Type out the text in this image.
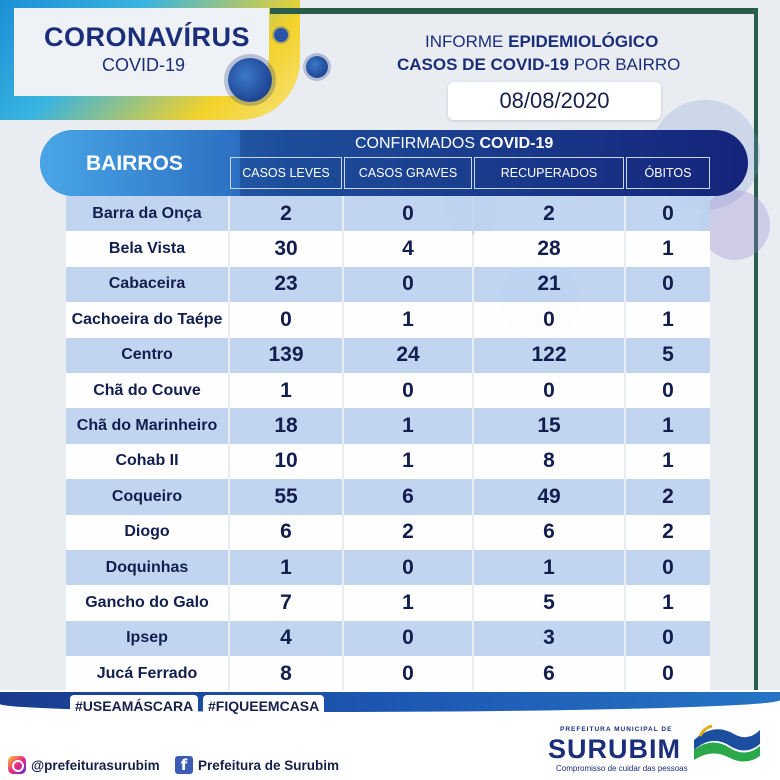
CORONAVÍRUS
COVID-19
INFORME EPIDEMIOLÓGICO
CASOS DE COVID-19 POR BAIRRO
08/08/2020
BAIRROS
CONFIRMADOS COVID-19
CASOS LEVES	CASOS GRAVES	RECUPERADOS	ÓBITOS
Barra da Onça	2	0	2	0
Bela Vista	30	4	28	1
Cabaceira	23	0	21	0
Cachoeira do Taépe	0	1	0	1
Centro	139	24	122	5
Chã do Couve	1	0	0	0
Chã do Marinheiro	18	1	15	1
Cohab II	10	1	8	1
Coqueiro	55	6	49	2
Diogo	6	2	6	2
Doquinhas	1	0	1	0
Gancho do Galo	7	1	5	1
Ipsep	4	0	3	0
Jucá Ferrado	8	0	6	0
#USEA MÁSCARA #FIQUE EMCASA
@prefeiturasurubim	f Prefeitura de Surubim
PREFEITURA MUNICIPAL DE
SURUBIM
Compromisso de cuidar das pessoas
